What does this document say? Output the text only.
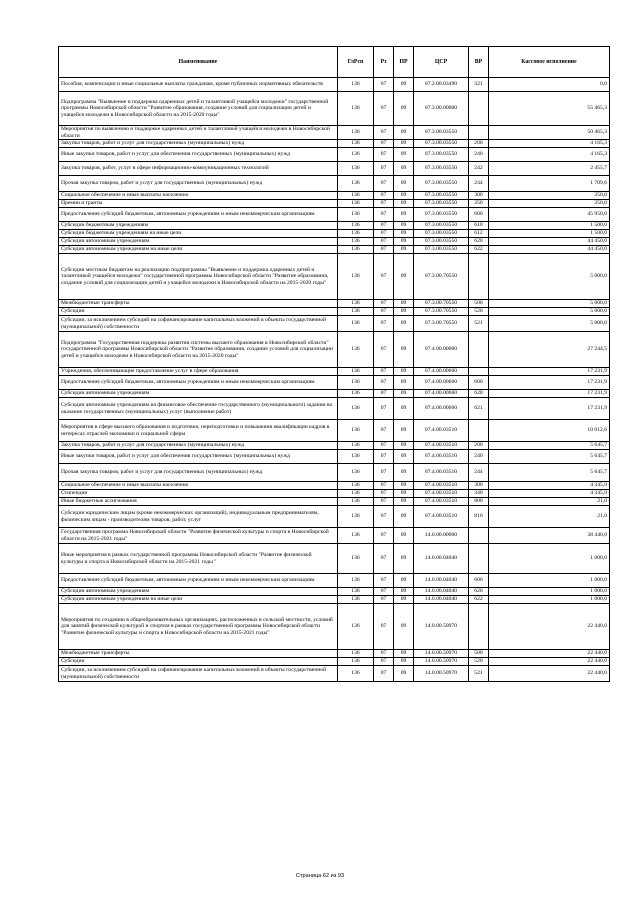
Наименование	ГлРсп	Рз	ПР	ЦСР	ВР	Кассовое исполнение
Пособия, компенсации и иные социальные выплаты гражданам, кроме публичных нормативных обязательств	136	07	09	07.2.00.03490	321	0,0
Подпрограмма "Выявление и поддержка одаренных детей и талантливой учащейся молодежи" государственной программы Новосибирской области "Развитие образования, создание условий для социализации детей и учащейся молодежи в Новосибирской области на 2015-2020 годы"	136	07	09	07.3.00.00000		55 465,3
Мероприятия по выявлению и поддержке одаренных детей и талантливой учащейся молодежи в Новосибирской области	136	07	09	07.3.00.03550		50 465,3
Закупка товаров, работ и услуг для государственных (муниципальных) нужд	136	07	09	07.3.00.03550	200	4 165,3
Иные закупки товаров, работ и услуг для обеспечения государственных (муниципальных) нужд	136	07	09	07.3.00.03550	240	4 165,3
Закупка товаров, работ, услуг в сфере информационно-коммуникационных технологий	136	07	09	07.3.00.03550	242	2 455,7
Прочая закупка товаров, работ и услуг для государственных (муниципальных) нужд	136	07	09	07.3.00.03550	244	1 709,6
Социальное обеспечение и иные выплаты населению	136	07	09	07.3.00.03550	300	350,0
Премии и гранты	136	07	09	07.3.00.03550	350	350,0
Предоставление субсидий бюджетным, автономным учреждениям и иным некоммерческим организациям	136	07	09	07.3.00.03550	600	45 950,0
Субсидии бюджетным учреждениям	136	07	09	07.3.00.03550	610	1 500,0
Субсидии бюджетным учреждениям на иные цели	136	07	09	07.3.00.03550	612	1 500,0
Субсидии автономным учреждениям	136	07	09	07.3.00.03550	620	44 450,0
Субсидии автономным учреждениям на иные цели	136	07	09	07.3.00.03550	622	44 450,0
Субсидии местным бюджетам на реализацию подпрограммы "Выявление и поддержка одаренных детей и талантливой учащейся молодежи" государственной программы Новосибирской области "Развитие образования, создание условий для социализации детей и учащейся молодежи в Новосибирской области на 2015-2020 годы"	136	07	09	07.3.00.70550		5 000,0
Межбюджетные трансферты	136	07	09	07.3.00.70550	500	5 000,0
Субсидии	136	07	09	07.3.00.70550	520	5 000,0
Субсидии, за исключением субсидий на софинансирование капитальных вложений в объекты государственной (муниципальной) собственности	136	07	09	07.3.00.70550	521	5 000,0
Подпрограмма "Государственная поддержка развития системы высшего образования в Новосибирской области" государственной программы Новосибирской области "Развитие образования, создание условий для социализации детей и учащейся молодежи в Новосибирской области на 2015-2020 годы"	136	07	09	07.4.00.00000		27 244,5
Учреждения, обеспечивающие предоставление услуг в сфере образования	136	07	09	07.4.00.00660		17 231,9
Предоставление субсидий бюджетным, автономным учреждениям и иным некоммерческим организациям	136	07	09	07.4.00.00660	600	17 231,9
Субсидии автономным учреждениям	136	07	09	07.4.00.00660	620	17 231,9
Субсидии автономным учреждениям на финансовое обеспечение государственного (муниципального) задания на оказание государственных (муниципальных) услуг (выполнение работ)	136	07	09	07.4.00.00660	621	17 231,9
Мероприятия в сфере высшего образования и подготовки, переподготовки и повышения квалификации кадров в интересах отраслей экономики и социальной сферы	136	07	09	07.4.00.03510		10 012,6
Закупка товаров, работ и услуг для государственных (муниципальных) нужд	136	07	09	07.4.00.03510	200	5 645,7
Иные закупки товаров, работ и услуг для обеспечения государственных (муниципальных) нужд	136	07	09	07.4.00.03510	240	5 645,7
Прочая закупка товаров, работ и услуг для государственных (муниципальных) нужд	136	07	09	07.4.00.03510	244	5 645,7
Социальное обеспечение и иные выплаты населению	136	07	09	07.4.00.03510	300	4 345,9
Стипендии	136	07	09	07.4.00.03510	340	4 345,9
Иные бюджетные ассигнования	136	07	09	07.4.00.03510	800	21,0
Субсидии юридическим лицам (кроме некоммерческих организаций), индивидуальным предпринимателям, физическим лицам - производителям товаров, работ, услуг	136	07	09	07.4.00.03510	810	21,0
Государственная программа Новосибирской области "Развитие физической культуры и спорта в Новосибирской области на 2015-2021 годы"	136	07	09	14.0.00.00000		38 440,0
Иные мероприятия в рамках государственной программы Новосибирской области "Развитие физической культуры и спорта в Новосибирской области на 2015-2021 годы "	136	07	09	14.0.00.04040		1 000,0
Предоставление субсидий бюджетным, автономным учреждениям и иным некоммерческим организациям	136	07	09	14.0.00.04040	600	1 000,0
Субсидии автономным учреждениям	136	07	09	14.0.00.04040	620	1 000,0
Субсидии автономным учреждениям на иные цели	136	07	09	14.0.00.04040	622	1 000,0
Мероприятия по созданию в общеобразовательных организациях, расположенных в сельской местности, условий для занятий физической культурой и спортом в рамках государственной программы Новосибирской области "Развитие физической культуры и спорта в Новосибирской области на 2015-2021 годы"	136	07	09	14.0.00.50970		22 440,0
Межбюджетные трансферты	136	07	09	14.0.00.50970	500	22 440,0
Субсидии	136	07	09	14.0.00.50970	520	22 440,0
Субсидии, за исключением субсидий на софинансирование капитальных вложений в объекты государственной (муниципальной) собственности	136	07	09	14.0.00.50970	521	22 440,0
Страница 62 из 93
